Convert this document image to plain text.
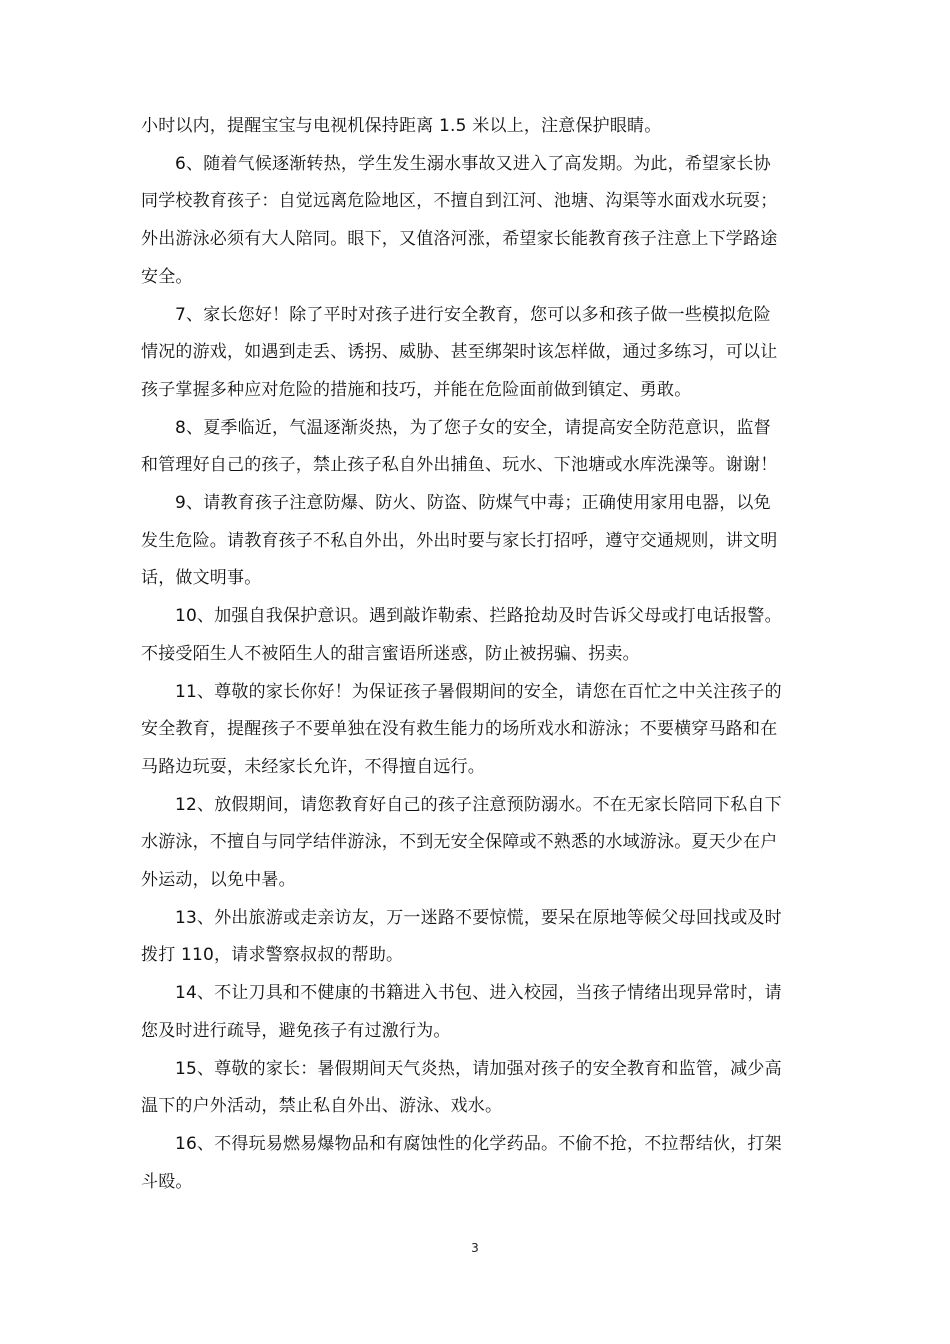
小时以内，提醒宝宝与电视机保持距离 1.5 米以上，注意保护眼睛。
6、随着气候逐渐转热，学生发生溺水事故又进入了高发期。为此，希望家长协
同学校教育孩子：自觉远离危险地区，不擅自到江河、池塘、沟渠等水面戏水玩耍；
外出游泳必须有大人陪同。眼下，又值洛河涨，希望家长能教育孩子注意上下学路途
安全。
7、家长您好！除了平时对孩子进行安全教育，您可以多和孩子做一些模拟危险
情况的游戏，如遇到走丢、诱拐、威胁、甚至绑架时该怎样做，通过多练习，可以让
孩子掌握多种应对危险的措施和技巧，并能在危险面前做到镇定、勇敢。
8、夏季临近，气温逐渐炎热，为了您子女的安全，请提高安全防范意识，监督
和管理好自己的孩子，禁止孩子私自外出捕鱼、玩水、下池塘或水库洗澡等。谢谢！
9、请教育孩子注意防爆、防火、防盗、防煤气中毒；正确使用家用电器，以免
发生危险。请教育孩子不私自外出，外出时要与家长打招呼，遵守交通规则，讲文明
话，做文明事。
10、加强自我保护意识。遇到敲诈勒索、拦路抢劫及时告诉父母或打电话报警。
不接受陌生人不被陌生人的甜言蜜语所迷惑，防止被拐骗、拐卖。
11、尊敬的家长你好！为保证孩子暑假期间的安全，请您在百忙之中关注孩子的
安全教育，提醒孩子不要单独在没有救生能力的场所戏水和游泳；不要横穿马路和在
马路边玩耍，未经家长允许，不得擅自远行。
12、放假期间，请您教育好自己的孩子注意预防溺水。不在无家长陪同下私自下
水游泳，不擅自与同学结伴游泳，不到无安全保障或不熟悉的水域游泳。夏天少在户
外运动，以免中暑。
13、外出旅游或走亲访友，万一迷路不要惊慌，要呆在原地等候父母回找或及时
拨打 110，请求警察叔叔的帮助。
14、不让刀具和不健康的书籍进入书包、进入校园，当孩子情绪出现异常时，请
您及时进行疏导，避免孩子有过激行为。
15、尊敬的家长：暑假期间天气炎热，请加强对孩子的安全教育和监管，减少高
温下的户外活动，禁止私自外出、游泳、戏水。
16、不得玩易燃易爆物品和有腐蚀性的化学药品。不偷不抢，不拉帮结伙，打架
斗殴。
3
